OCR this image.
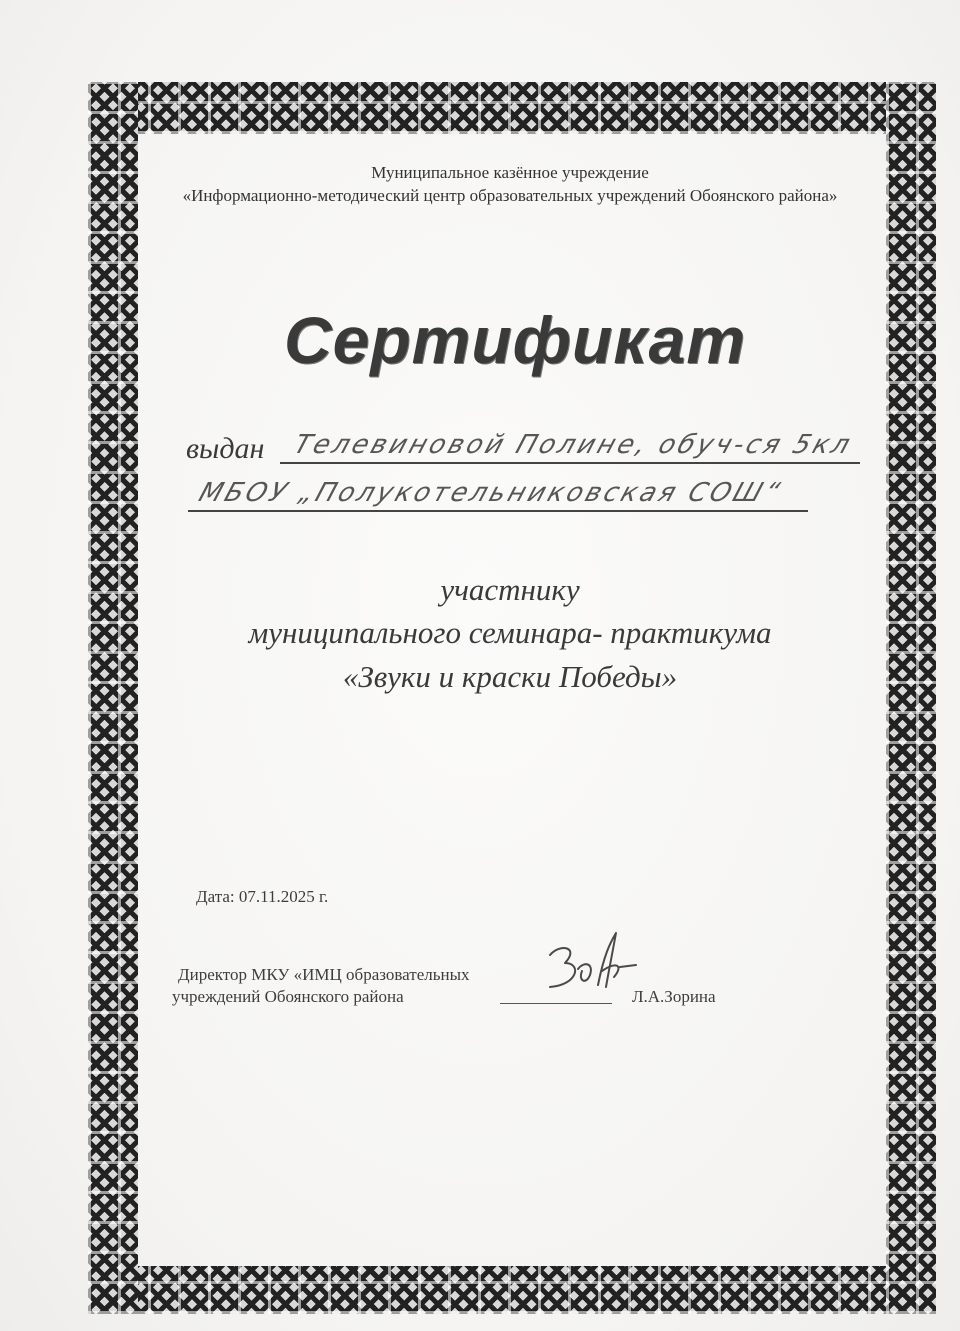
Муниципальное казённое учреждение
«Информационно-методический центр образовательных учреждений Обоянского района»
Сертификат
выдан Телевиновой Полине, обуч-ся 5кл
МБОУ „Полукотельниковская СОШ“
участнику
муниципального семинара- практикума
«Звуки и краски Победы»
Дата: 07.11.2025 г.
Директор МКУ «ИМЦ образовательных
учреждений Обоянского района	Л.А.Зорина
